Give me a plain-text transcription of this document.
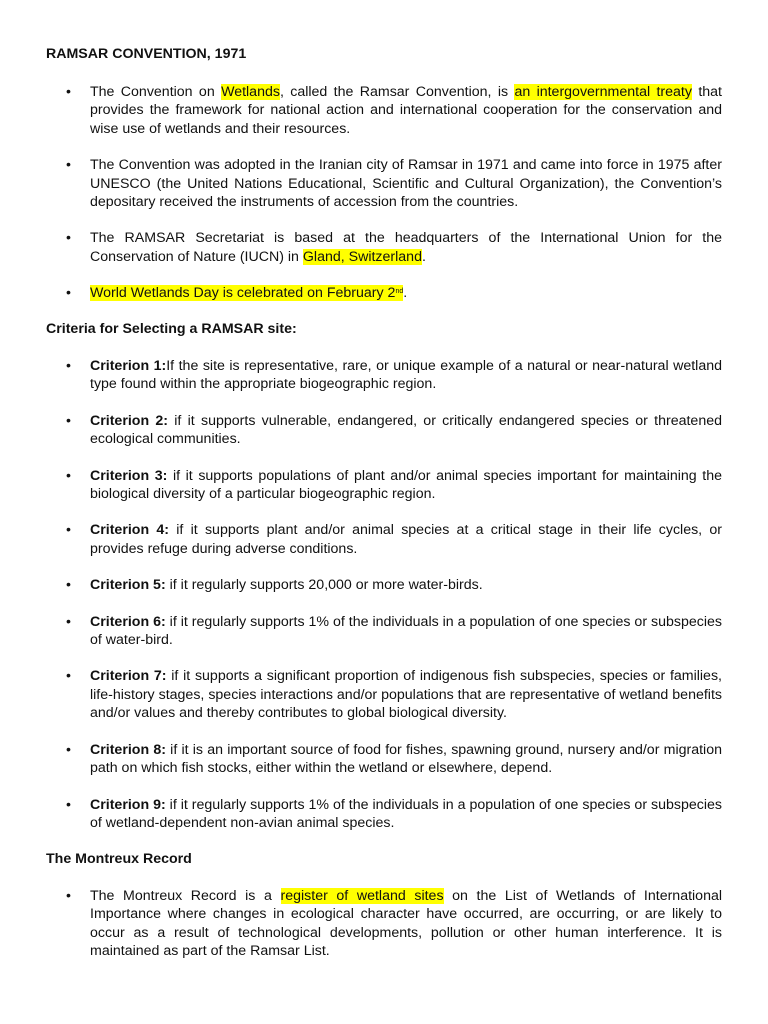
RAMSAR CONVENTION, 1971
• The Convention on Wetlands, called the Ramsar Convention, is an intergovernmental treaty that provides the framework for national action and international cooperation for the conservation and wise use of wetlands and their resources.
• The Convention was adopted in the Iranian city of Ramsar in 1971 and came into force in 1975 after UNESCO (the United Nations Educational, Scientific and Cultural Organization), the Convention’s depositary received the instruments of accession from the countries.
• The RAMSAR Secretariat is based at the headquarters of the International Union for the Conservation of Nature (IUCN) in Gland, Switzerland.
• World Wetlands Day is celebrated on February 2nd.
Criteria for Selecting a RAMSAR site:
• Criterion 1:If the site is representative, rare, or unique example of a natural or near-natural wetland type found within the appropriate biogeographic region.
• Criterion 2: if it supports vulnerable, endangered, or critically endangered species or threatened ecological communities.
• Criterion 3: if it supports populations of plant and/or animal species important for maintaining the biological diversity of a particular biogeographic region.
• Criterion 4: if it supports plant and/or animal species at a critical stage in their life cycles, or provides refuge during adverse conditions.
• Criterion 5: if it regularly supports 20,000 or more water-birds.
• Criterion 6: if it regularly supports 1% of the individuals in a population of one species or subspecies of water-bird.
• Criterion 7: if it supports a significant proportion of indigenous fish subspecies, species or families, life-history stages, species interactions and/or populations that are representative of wetland benefits and/or values and thereby contributes to global biological diversity.
• Criterion 8: if it is an important source of food for fishes, spawning ground, nursery and/or migration path on which fish stocks, either within the wetland or elsewhere, depend.
• Criterion 9: if it regularly supports 1% of the individuals in a population of one species or subspecies of wetland-dependent non-avian animal species.
The Montreux Record
• The Montreux Record is a register of wetland sites on the List of Wetlands of International Importance where changes in ecological character have occurred, are occurring, or are likely to occur as a result of technological developments, pollution or other human interference. It is maintained as part of the Ramsar List.
